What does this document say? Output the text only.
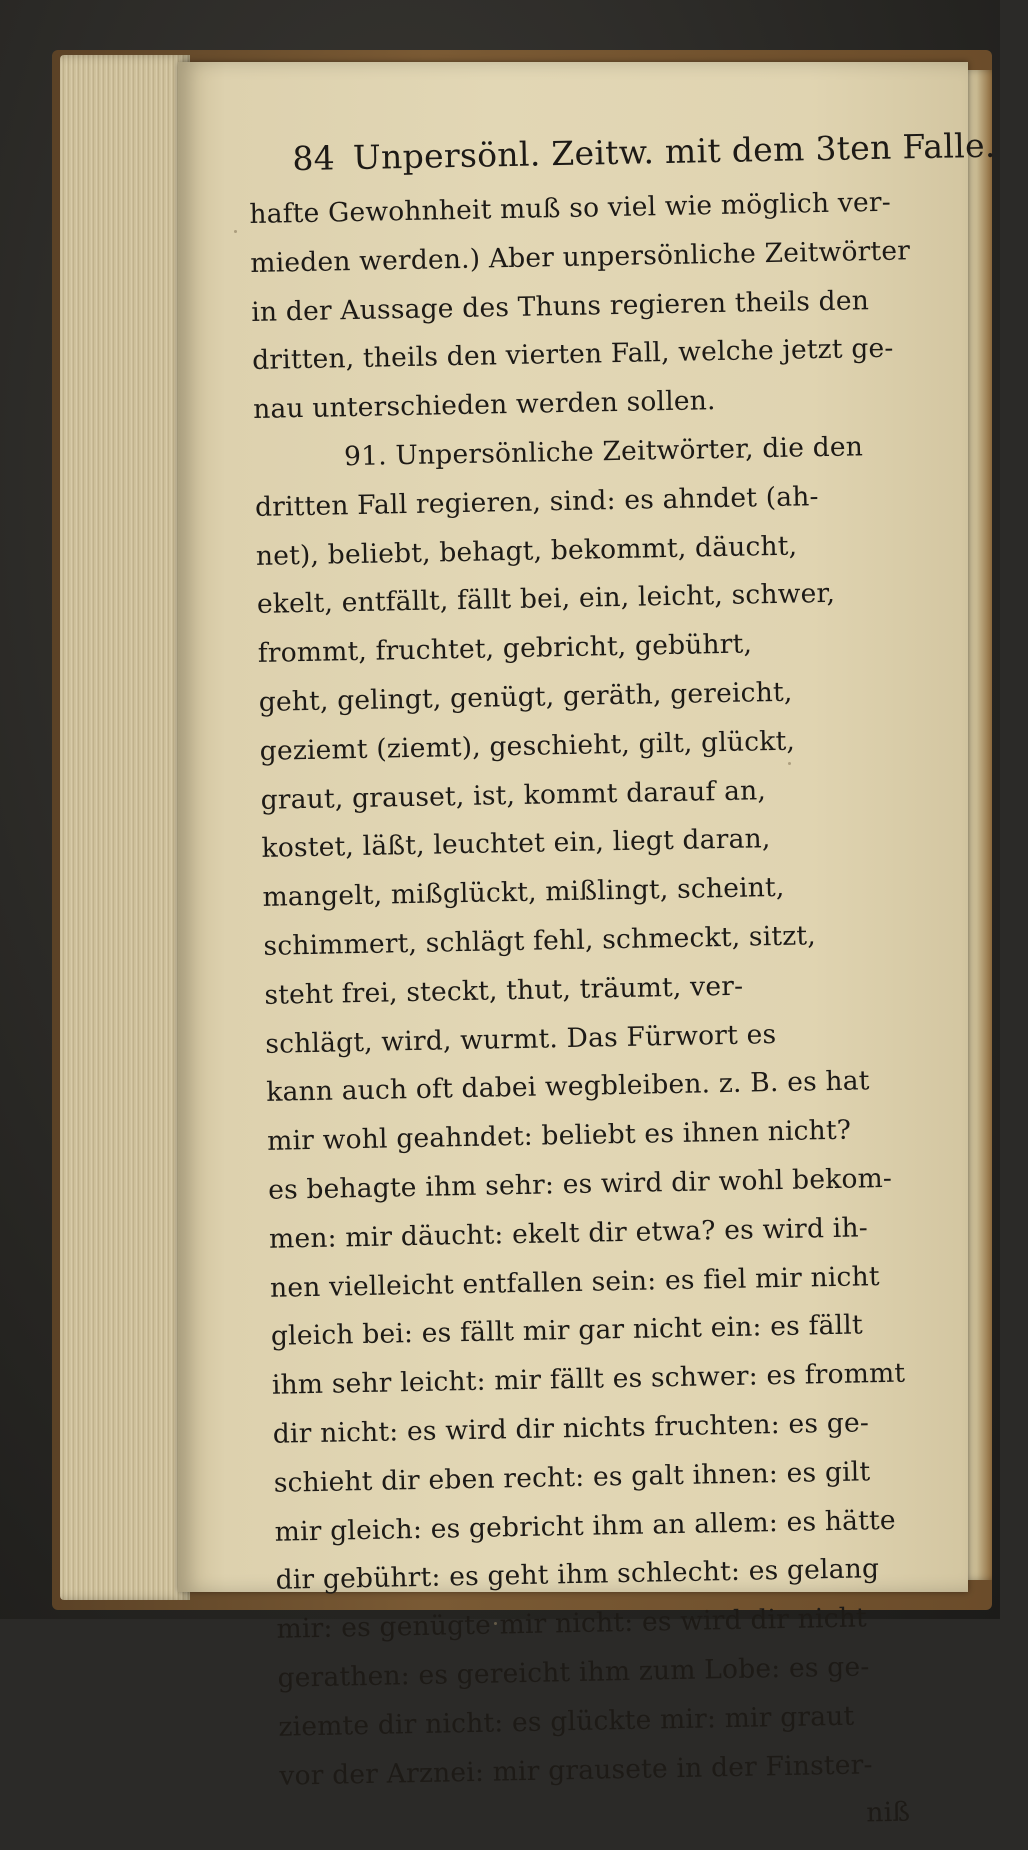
84 Unpersönl. Zeitw. mit dem 3ten Falle.
hafte Gewohnheit muß so viel wie möglich ver-
mieden werden.) Aber unpersönliche Zeitwörter
in der Aussage des Thuns regieren theils den
dritten, theils den vierten Fall, welche jetzt ge-
nau unterschieden werden sollen.
91. Unpersönliche Zeitwörter, die den
dritten Fall regieren, sind: es ahndet (ah-
net), beliebt, behagt, bekommt, däucht,
ekelt, entfällt, fällt bei, ein, leicht, schwer,
frommt, fruchtet, gebricht, gebührt,
geht, gelingt, genügt, geräth, gereicht,
geziemt (ziemt), geschieht, gilt, glückt,
graut, grauset, ist, kommt darauf an,
kostet, läßt, leuchtet ein, liegt daran,
mangelt, mißglückt, mißlingt, scheint,
schimmert, schlägt fehl, schmeckt, sitzt,
steht frei, steckt, thut, träumt, ver-
schlägt, wird, wurmt. Das Fürwort es
kann auch oft dabei wegbleiben. z. B. es hat
mir wohl geahndet: beliebt es ihnen nicht?
es behagte ihm sehr: es wird dir wohl bekom-
men: mir däucht: ekelt dir etwa? es wird ih-
nen vielleicht entfallen sein: es fiel mir nicht
gleich bei: es fällt mir gar nicht ein: es fällt
ihm sehr leicht: mir fällt es schwer: es frommt
dir nicht: es wird dir nichts fruchten: es ge-
schieht dir eben recht: es galt ihnen: es gilt
mir gleich: es gebricht ihm an allem: es hätte
dir gebührt: es geht ihm schlecht: es gelang
mir: es genügte mir nicht: es wird dir nicht
gerathen: es gereicht ihm zum Lobe: es ge-
ziemte dir nicht: es glückte mir: mir graut
vor der Arznei: mir grausete in der Finster-
niß
